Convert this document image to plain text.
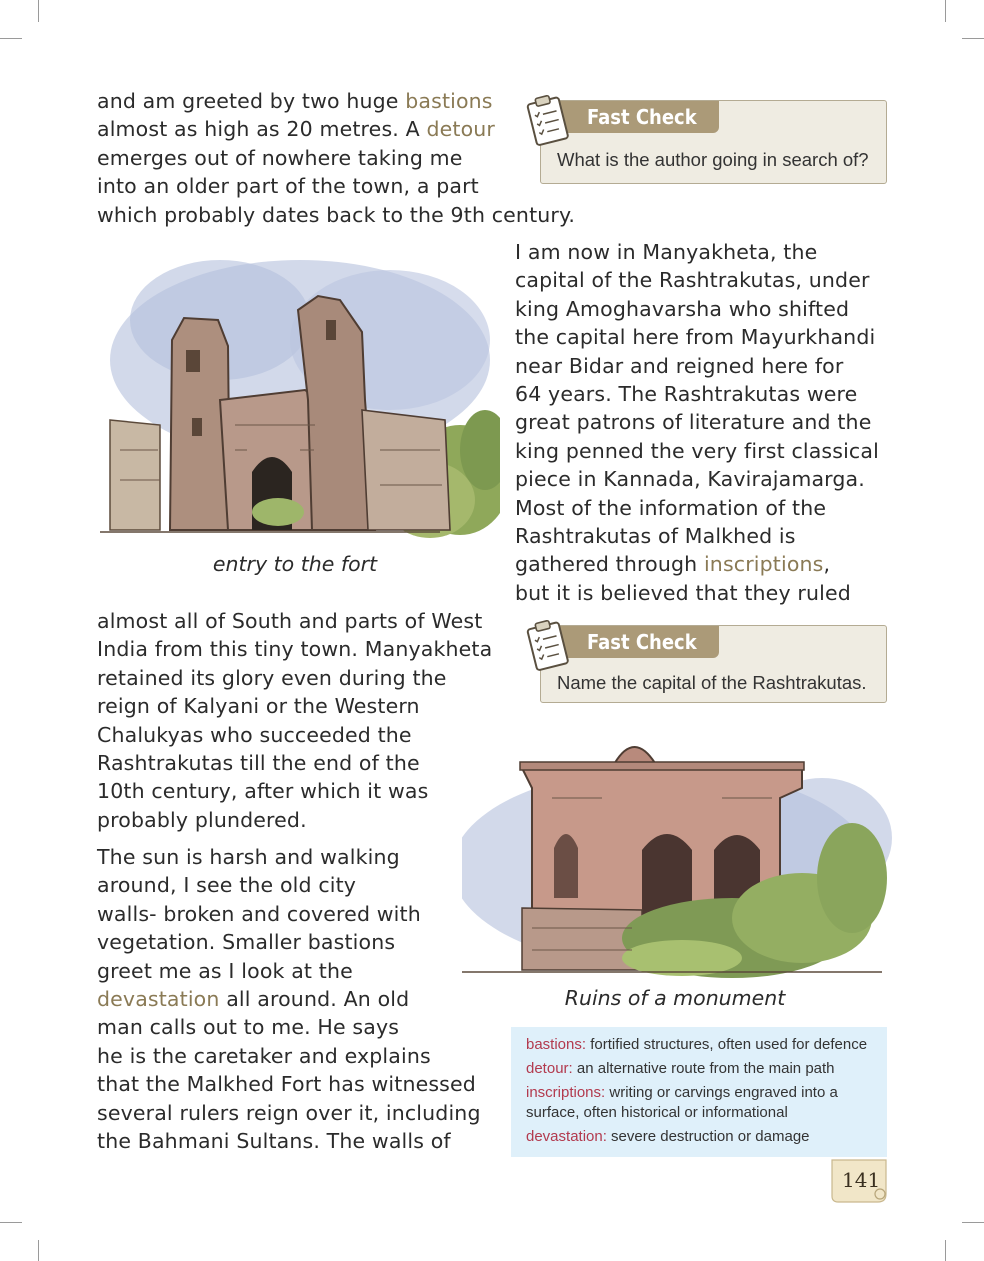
and am greeted by two huge bastions
almost as high as 20 metres. A detour
emerges out of nowhere taking me
into an older part of the town, a part
which probably dates back to the 9th century.

I am now in Manyakheta, the
capital of the Rashtrakutas, under
king Amoghavarsha who shifted
the capital here from Mayurkhandi
near Bidar and reigned here for
64 years. The Rashtrakutas were
great patrons of literature and the
king penned the very first classical
piece in Kannada, Kavirajamarga.
Most of the information of the
Rashtrakutas of Malkhed is
gathered through inscriptions,
but it is believed that they ruled

almost all of South and parts of West
India from this tiny town. Manyakheta
retained its glory even during the
reign of Kalyani or the Western
Chalukyas who succeeded the
Rashtrakutas till the end of the
10th century, after which it was
probably plundered.

The sun is harsh and walking
around, I see the old city
walls- broken and covered with
vegetation. Smaller bastions
greet me as I look at the
devastation all around. An old
man calls out to me. He says
he is the caretaker and explains
that the Malkhed Fort has witnessed
several rulers reign over it, including
the Bahmani Sultans. The walls of

Fast Check
What is the author going in search of?
Fast Check
Name the capital of the Rashtrakutas.
entry to the fort
Ruins of a monument
bastions: fortified structures, often used for defence
detour: an alternative route from the main path
inscriptions: writing or carvings engraved into a surface, often historical or informational
devastation: severe destruction or damage
141
